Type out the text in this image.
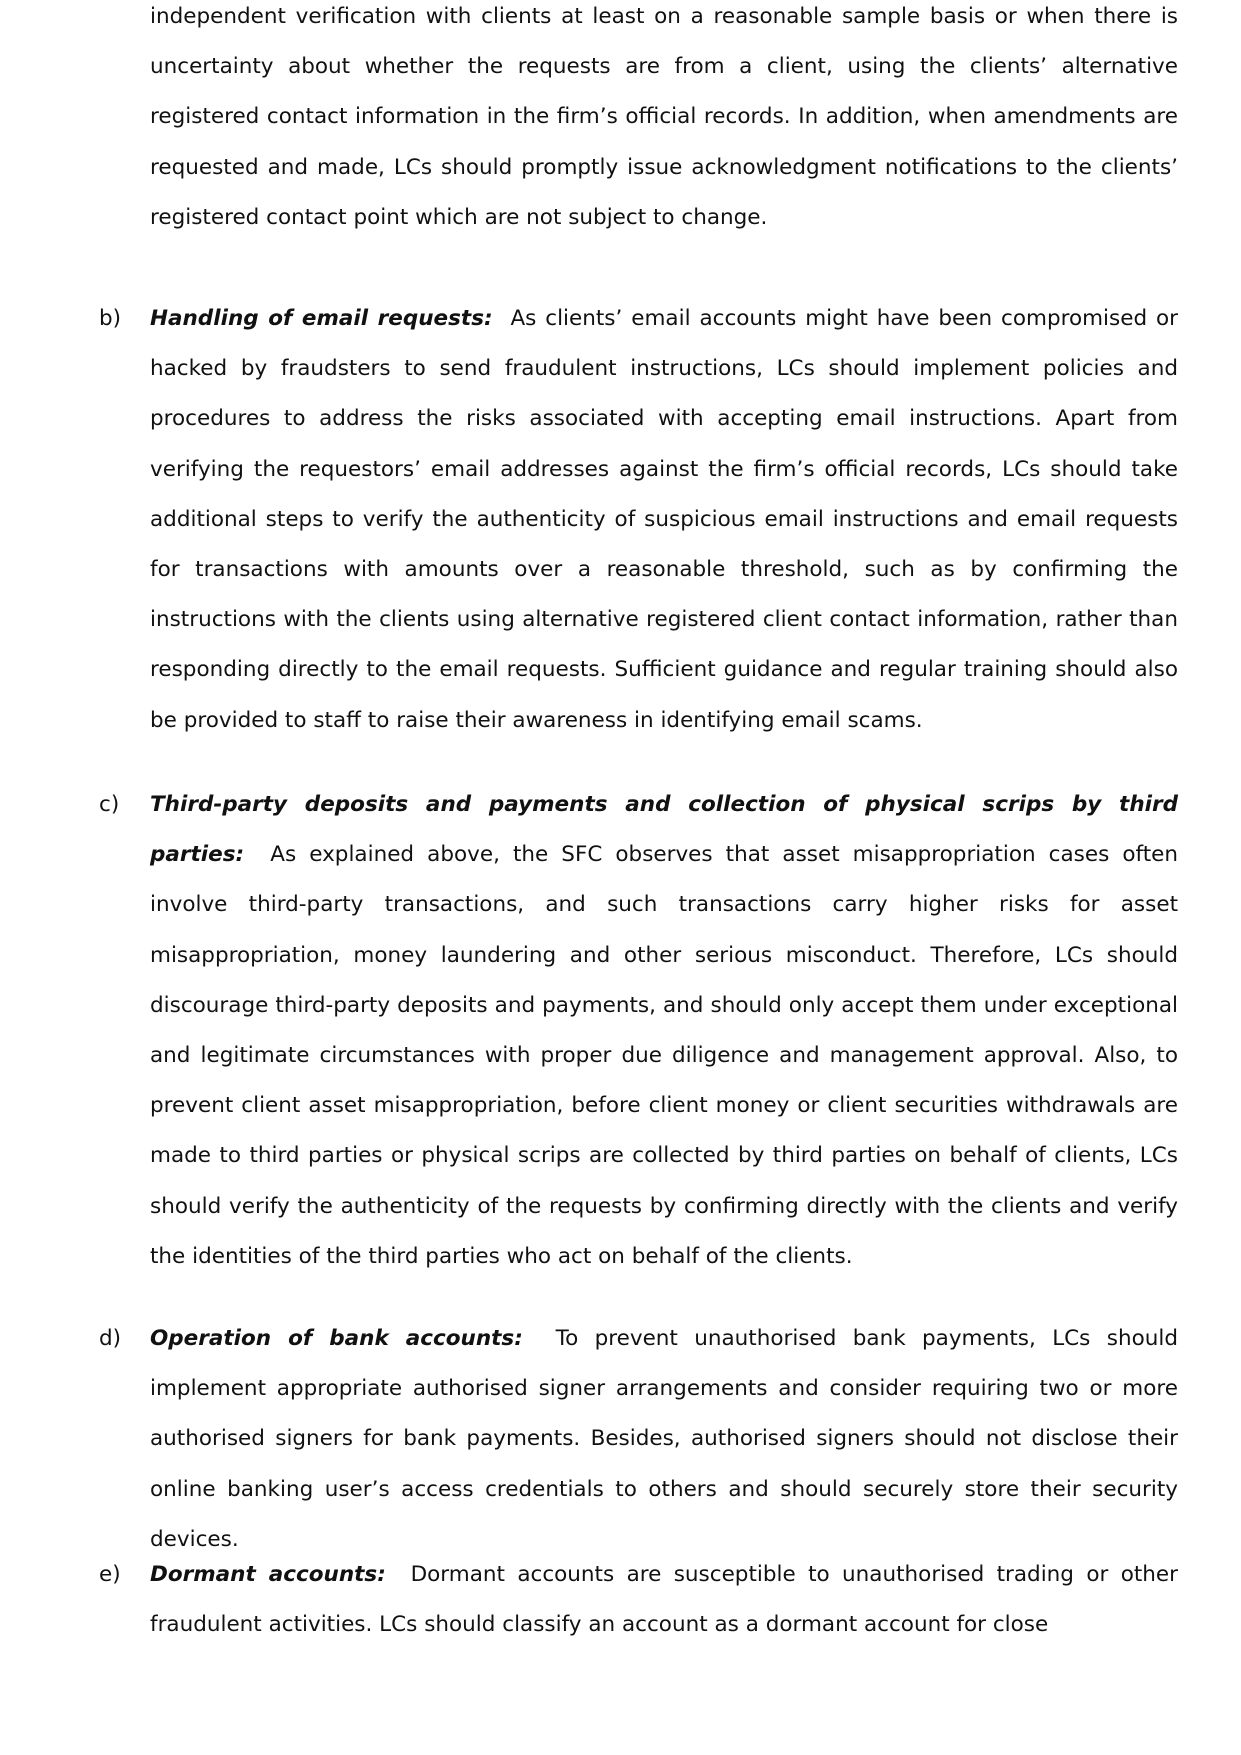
independent verification with clients at least on a reasonable sample basis or when there is uncertainty about whether the requests are from a client, using the clients’ alternative registered contact information in the firm’s official records. In addition, when amendments are requested and made, LCs should promptly issue acknowledgment notifications to the clients’ registered contact point which are not subject to change.

b) Handling of email requests: As clients’ email accounts might have been compromised or hacked by fraudsters to send fraudulent instructions, LCs should implement policies and procedures to address the risks associated with accepting email instructions. Apart from verifying the requestors’ email addresses against the firm’s official records, LCs should take additional steps to verify the authenticity of suspicious email instructions and email requests for transactions with amounts over a reasonable threshold, such as by confirming the instructions with the clients using alternative registered client contact information, rather than responding directly to the email requests. Sufficient guidance and regular training should also be provided to staff to raise their awareness in identifying email scams.

c) Third-party deposits and payments and collection of physical scrips by third parties: As explained above, the SFC observes that asset misappropriation cases often involve third-party transactions, and such transactions carry higher risks for asset misappropriation, money laundering and other serious misconduct. Therefore, LCs should discourage third-party deposits and payments, and should only accept them under exceptional and legitimate circumstances with proper due diligence and management approval. Also, to prevent client asset misappropriation, before client money or client securities withdrawals are made to third parties or physical scrips are collected by third parties on behalf of clients, LCs should verify the authenticity of the requests by confirming directly with the clients and verify the identities of the third parties who act on behalf of the clients.

d) Operation of bank accounts: To prevent unauthorised bank payments, LCs should implement appropriate authorised signer arrangements and consider requiring two or more authorised signers for bank payments. Besides, authorised signers should not disclose their online banking user’s access credentials to others and should securely store their security devices.

e) Dormant accounts: Dormant accounts are susceptible to unauthorised trading or other fraudulent activities. LCs should classify an account as a dormant account for close
